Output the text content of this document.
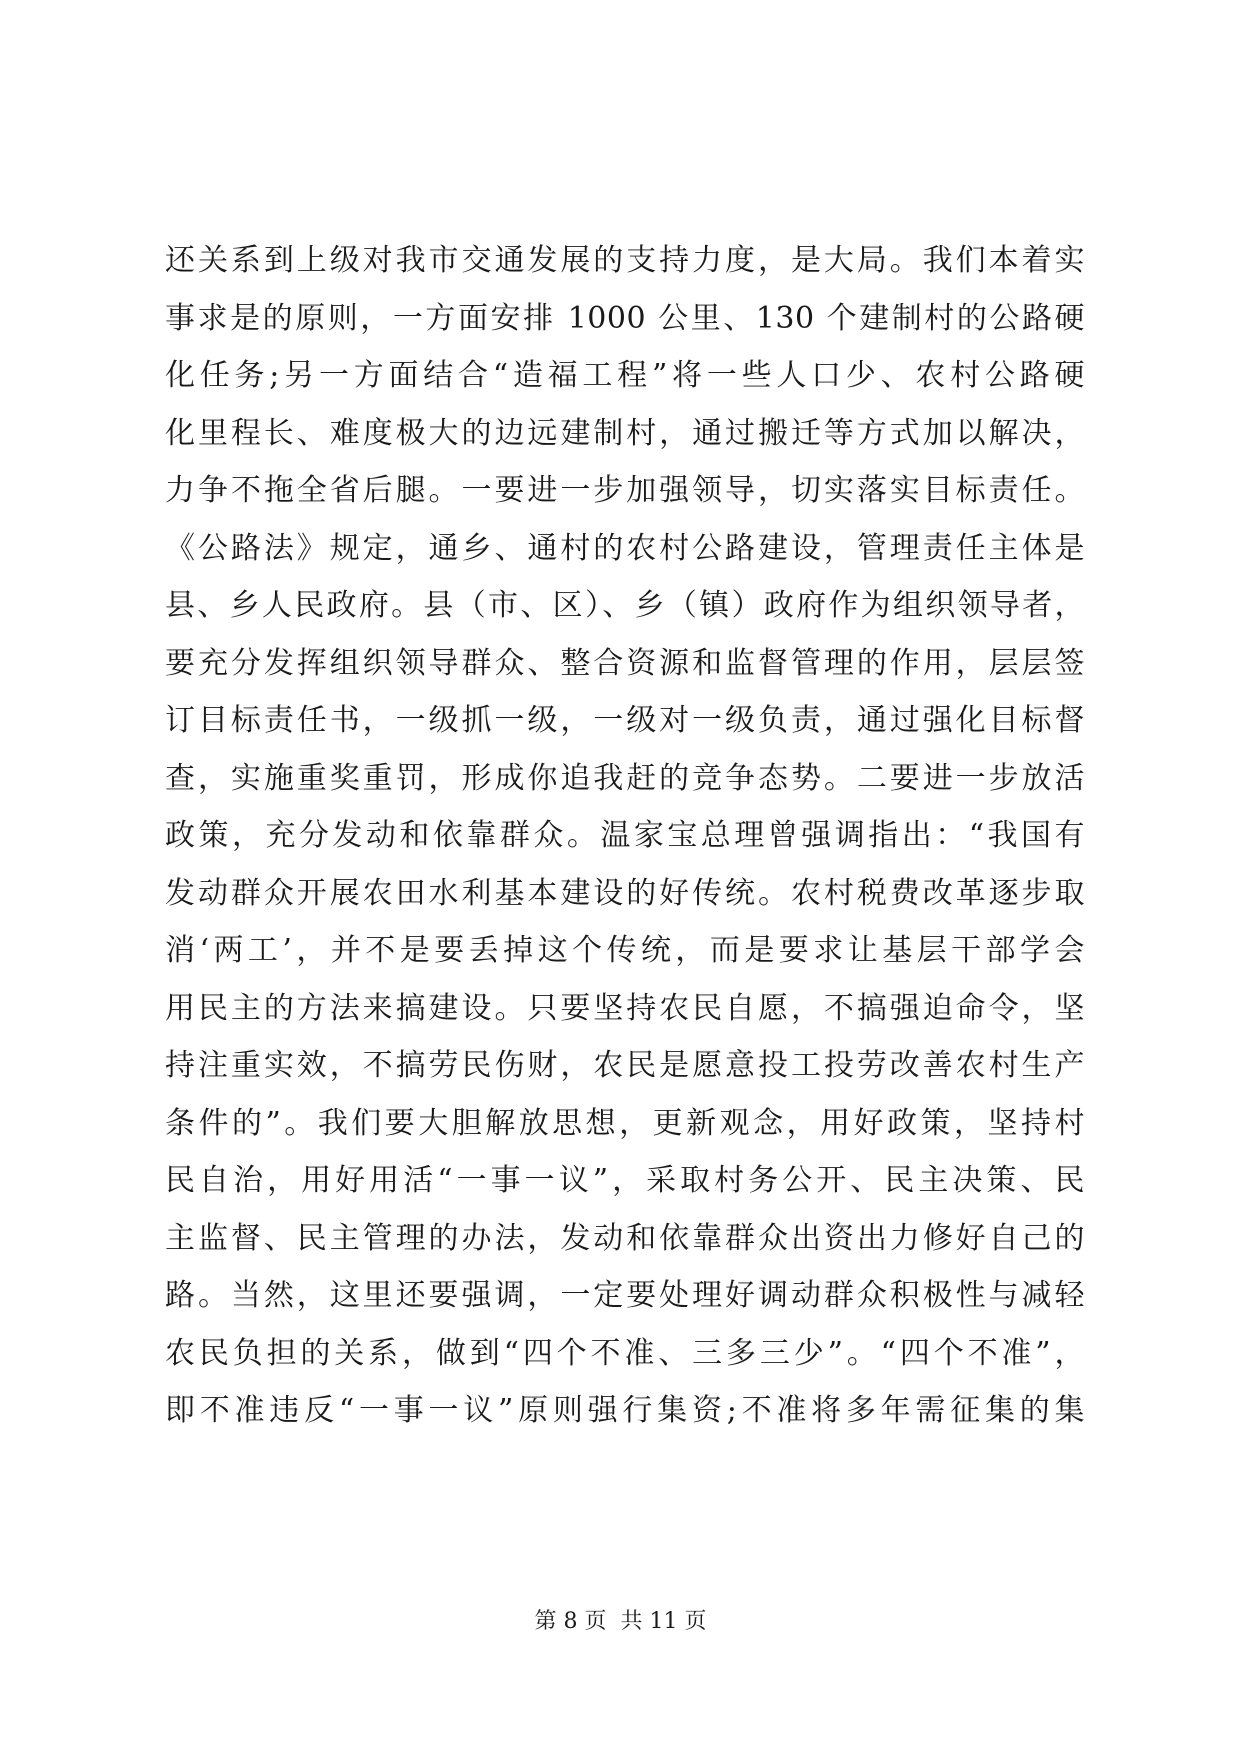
还关系到上级对我市交通发展的支持力度，是大局。我们本着实
事求是的原则，一方面安排 1000 公里、130 个建制村的公路硬
化任务;另一方面结合“造福工程”将一些人口少、农村公路硬
化里程长、难度极大的边远建制村，通过搬迁等方式加以解决，
力争不拖全省后腿。一要进一步加强领导，切实落实目标责任。
《公路法》规定，通乡、通村的农村公路建设，管理责任主体是
县、乡人民政府。县（市、区）、乡（镇）政府作为组织领导者，
要充分发挥组织领导群众、整合资源和监督管理的作用，层层签
订目标责任书，一级抓一级，一级对一级负责，通过强化目标督
查，实施重奖重罚，形成你追我赶的竞争态势。二要进一步放活
政策，充分发动和依靠群众。温家宝总理曾强调指出：“我国有
发动群众开展农田水利基本建设的好传统。农村税费改革逐步取
消‘两工’，并不是要丢掉这个传统，而是要求让基层干部学会
用民主的方法来搞建设。只要坚持农民自愿，不搞强迫命令，坚
持注重实效，不搞劳民伤财，农民是愿意投工投劳改善农村生产
条件的”。我们要大胆解放思想，更新观念，用好政策，坚持村
民自治，用好用活“一事一议”，采取村务公开、民主决策、民
主监督、民主管理的办法，发动和依靠群众出资出力修好自己的
路。当然，这里还要强调，一定要处理好调动群众积极性与减轻
农民负担的关系，做到“四个不准、三多三少”。“四个不准”，
即不准违反“一事一议”原则强行集资;不准将多年需征集的集
第 8 页  共 11 页
